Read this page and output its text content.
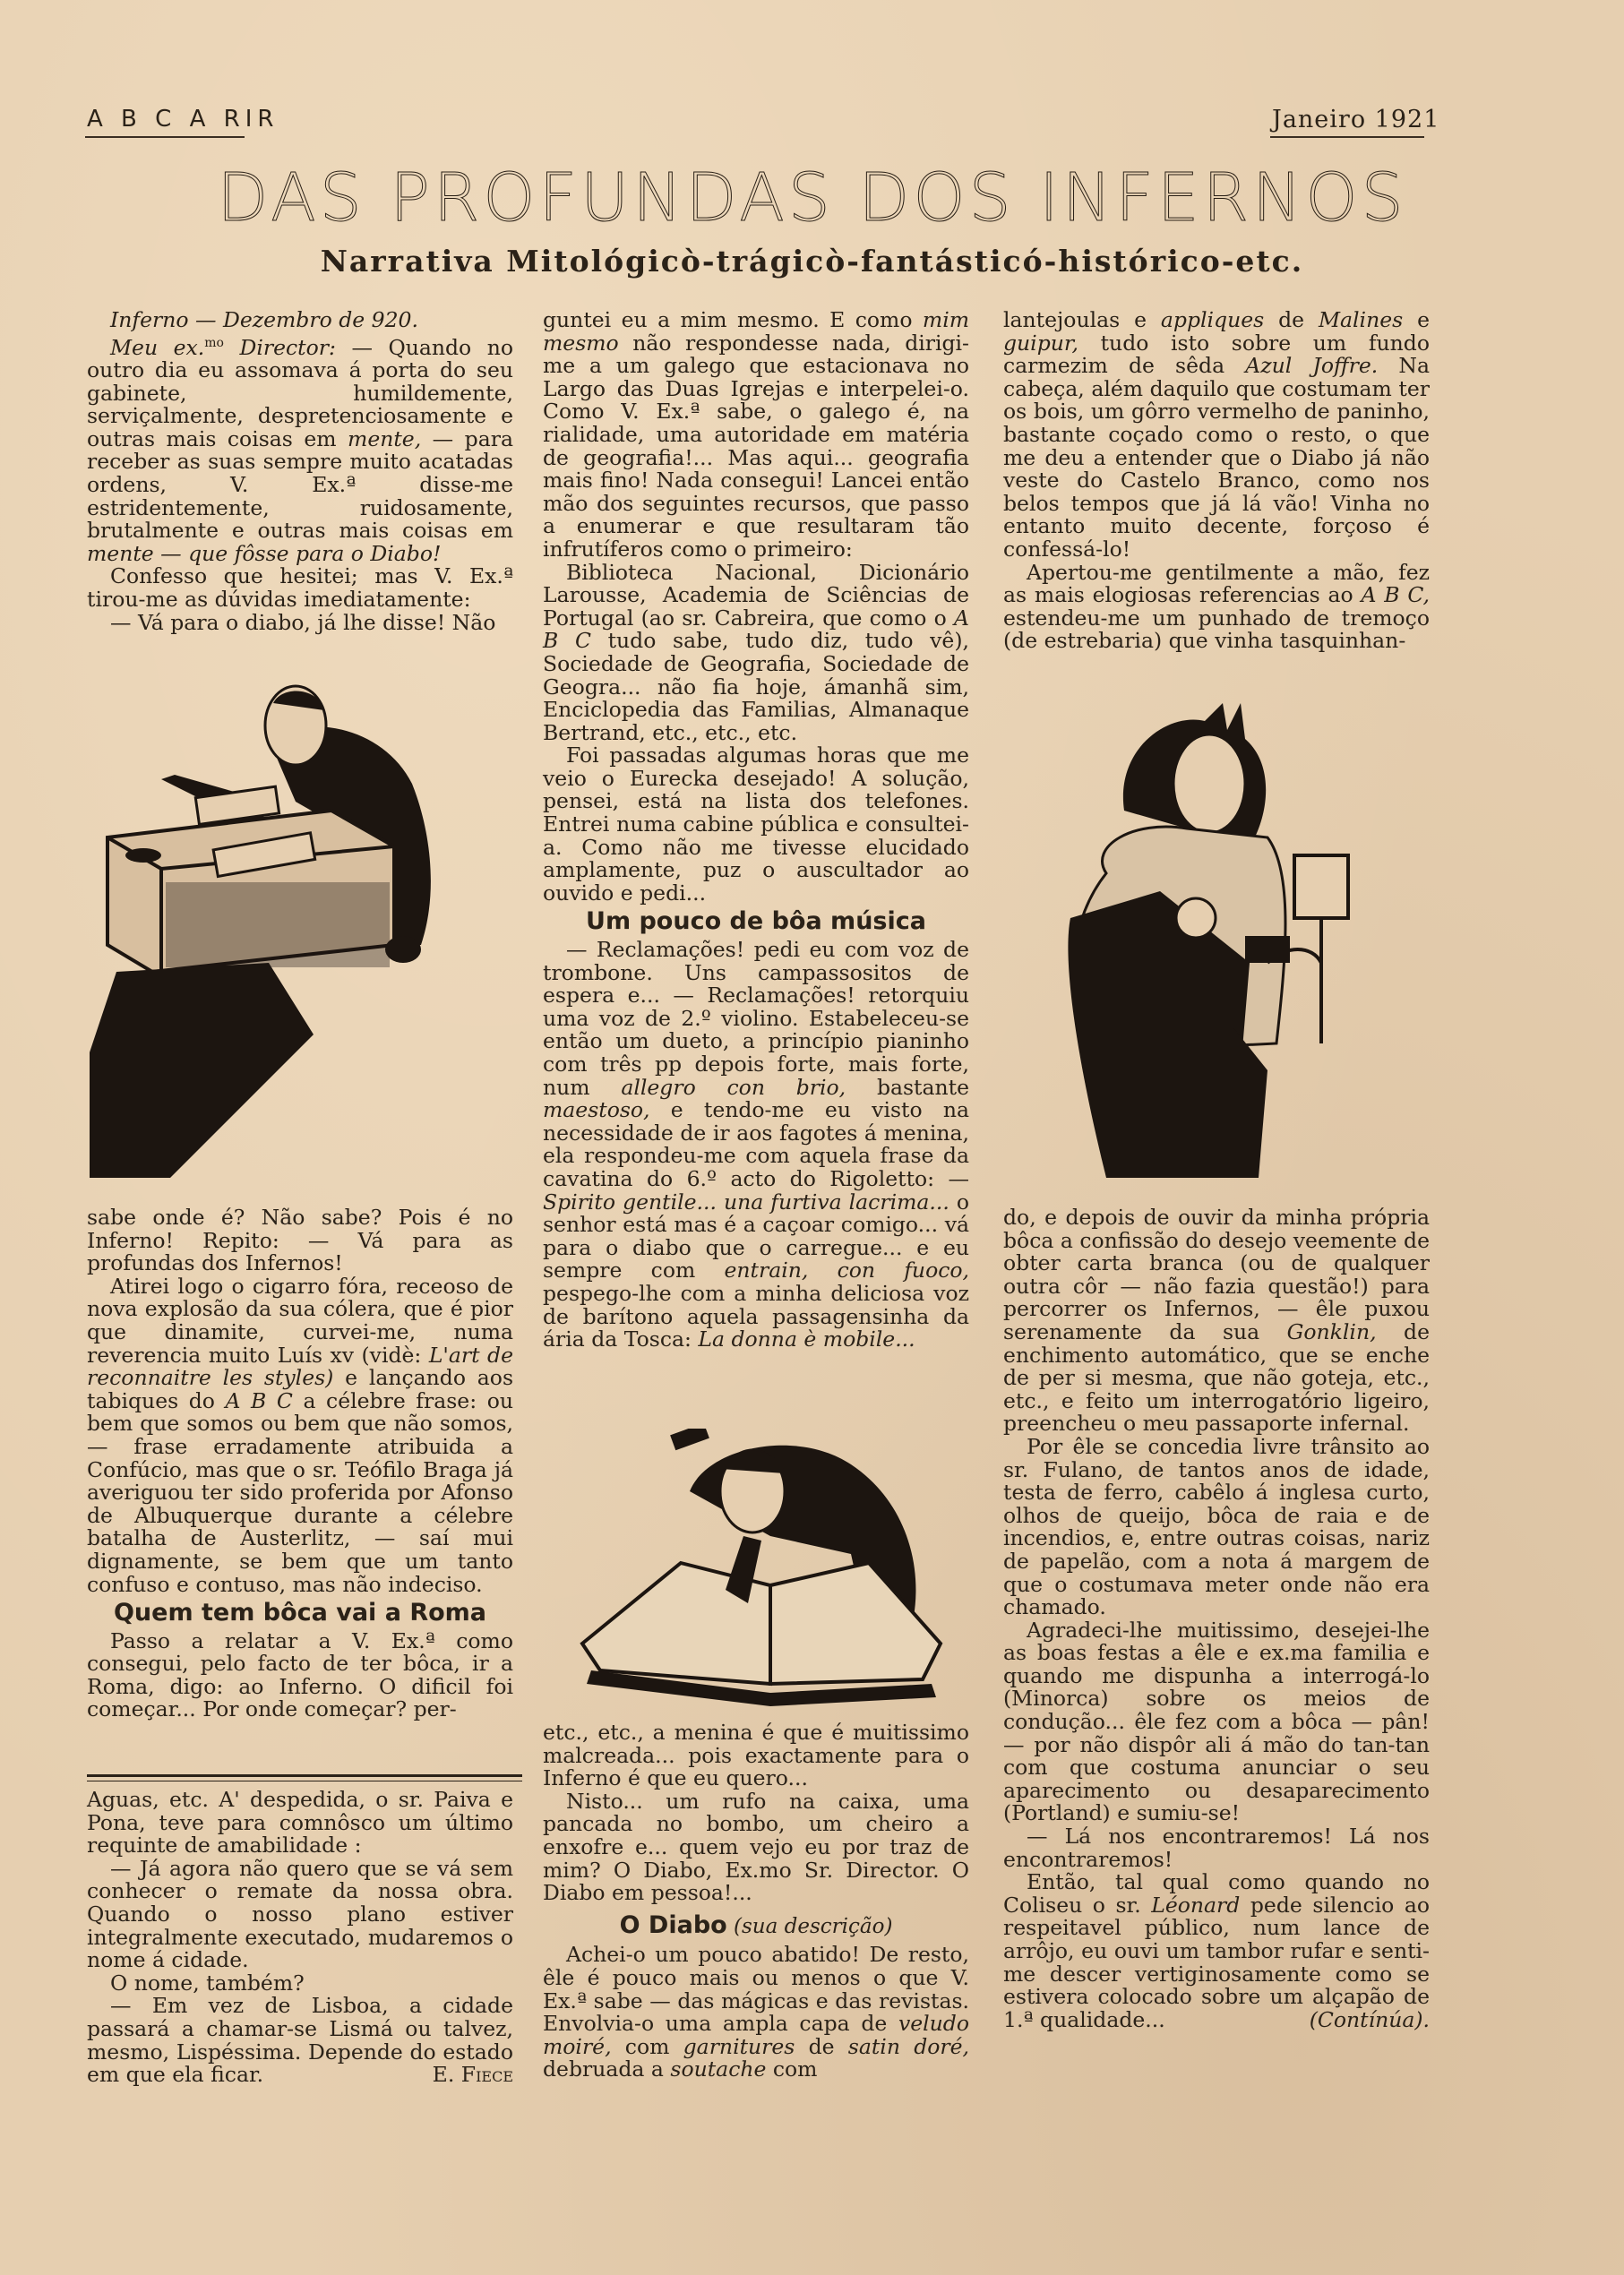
A B C A RIR	Janeiro 1921
DAS PROFUNDAS DOS INFERNOS
Narrativa Mitológicò-trágicò-fantásticó-histórico-etc.

Inferno — Dezembro de 920.

Meu ex.$^{mo}$ Director: — Quando no outro dia eu assomava á porta do seu gabinete, humildemente, serviçalmente, despretenciosamente e outras mais coisas em mente, — para receber as suas sempre muito acatadas ordens, V. Ex.ª disse-me estridentemente, ruidosamente, brutalmente e outras mais coisas em mente — que fôsse para o Diabo!

Confesso que hesitei; mas V. Ex.ª tirou-me as dúvidas imediatamente:

— Vá para o diabo, já lhe disse! Não

sabe onde é? Não sabe? Pois é no Inferno! Repito: — Vá para as profundas dos Infernos!

Atirei logo o cigarro fóra, receoso de nova explosão da sua cólera, que é pior que dinamite, curvei-me, numa reverencia muito Luís xv (vidè: L'art de reconnaitre les styles) e lançando aos tabiques do A B C a célebre frase: ou bem que somos ou bem que não somos, — frase erradamente atribuida a Confúcio, mas que o sr. Teófilo Braga já averiguou ter sido proferida por Afonso de Albuquerque durante a célebre batalha de Austerlitz, — saí mui dignamente, se bem que um tanto confuso e contuso, mas não indeciso.

Quem tem bôca vai a Roma

Passo a relatar a V. Ex.ª como consegui, pelo facto de ter bôca, ir a Roma, digo: ao Inferno. O dificil foi começar... Por onde começar? per-

Aguas, etc. A' despedida, o sr. Paiva e Pona, teve para comnôsco um último requinte de amabilidade :

— Já agora não quero que se vá sem conhecer o remate da nossa obra. Quando o nosso plano estiver integralmente executado, mudaremos o nome á cidade.

O nome, também?

— Em vez de Lisboa, a cidade passará a chamar-se Lismá ou talvez, mesmo, Lispéssima. Depende do estado em que ela ficar.	E. Fiece

guntei eu a mim mesmo. E como mim mesmo não respondesse nada, dirigi-me a um galego que estacionava no Largo das Duas Igrejas e interpelei-o. Como V. Ex.ª sabe, o galego é, na rialidade, uma autoridade em matéria de geografia!... Mas aqui... geografia mais fino! Nada consegui! Lancei então mão dos seguintes recursos, que passo a enumerar e que resultaram tão infrutíferos como o primeiro:

Biblioteca Nacional, Dicionário Larousse, Academia de Sciências de Portugal (ao sr. Cabreira, que como o A B C tudo sabe, tudo diz, tudo vê), Sociedade de Geografia, Sociedade de Geogra... não fia hoje, ámanhã sim, Enciclopedia das Familias, Almanaque Bertrand, etc., etc., etc.

Foi passadas algumas horas que me veio o Eurecka desejado! A solução, pensei, está na lista dos telefones. Entrei numa cabine pública e consultei-a. Como não me tivesse elucidado amplamente, puz o auscultador ao ouvido e pedi...

Um pouco de bôa música

— Reclamações! pedi eu com voz de trombone. Uns campassositos de espera e... — Reclamações! retorquiu uma voz de 2.º violino. Estabeleceu-se então um dueto, a princípio pianinho com três pp depois forte, mais forte, num allegro con brio, bastante maestoso, e tendo-me eu visto na necessidade de ir aos fagotes á menina, ela respondeu-me com aquela frase da cavatina do 6.º acto do Rigoletto: — Spirito gentile... una furtiva lacrima... o senhor está mas é a caçoar comigo... vá para o diabo que o carregue... e eu sempre com entrain, con fuoco, pespego-lhe com a minha deliciosa voz de barítono aquela passagensinha da ária da Tosca: La donna è mobile...

etc., etc., a menina é que é muitissimo malcreada... pois exactamente para o Inferno é que eu quero...

Nisto... um rufo na caixa, uma pancada no bombo, um cheiro a enxofre e... quem vejo eu por traz de mim? O Diabo, Ex.mo Sr. Director. O Diabo em pessoa!...

O Diabo (sua descrição)

Achei-o um pouco abatido! De resto, êle é pouco mais ou menos o que V. Ex.ª sabe — das mágicas e das revistas. Envolvia-o uma ampla capa de veludo moiré, com garnitures de satin doré, debruada a soutache com

lantejoulas e appliques de Malines e guipur, tudo isto sobre um fundo carmezim de sêda Azul Joffre. Na cabeça, além daquilo que costumam ter os bois, um gôrro vermelho de paninho, bastante coçado como o resto, o que me deu a entender que o Diabo já não veste do Castelo Branco, como nos belos tempos que já lá vão! Vinha no entanto muito decente, forçoso é confessá-lo!

Apertou-me gentilmente a mão, fez as mais elogiosas referencias ao A B C, estendeu-me um punhado de tremoço (de estrebaria) que vinha tasquinhan-

do, e depois de ouvir da minha própria bôca a confissão do desejo veemente de obter carta branca (ou de qualquer outra côr — não fazia questão!) para percorrer os Infernos, — êle puxou serenamente da sua Gonklin, de enchimento automático, que se enche de per si mesma, que não goteja, etc., etc., e feito um interrogatório ligeiro, preencheu o meu passaporte infernal.

Por êle se concedia livre trânsito ao sr. Fulano, de tantos anos de idade, testa de ferro, cabêlo á inglesa curto, olhos de queijo, bôca de raia e de incendios, e, entre outras coisas, nariz de papelão, com a nota á margem de que o costumava meter onde não era chamado.

Agradeci-lhe muitissimo, desejei-lhe as boas festas a êle e ex.ma familia e quando me dispunha a interrogá-lo (Minorca) sobre os meios de condução... êle fez com a bôca — pân! — por não dispôr ali á mão do tan-tan com que costuma anunciar o seu aparecimento ou desaparecimento (Portland) e sumiu-se!

— Lá nos encontraremos! Lá nos encontraremos!

Então, tal qual como quando no Coliseu o sr. Léonard pede silencio ao respeitavel público, num lance de arrôjo, eu ouvi um tambor rufar e senti-me descer vertiginosamente como se estivera colocado sobre um alçapão de 1.ª qualidade...	(Contínúa).
